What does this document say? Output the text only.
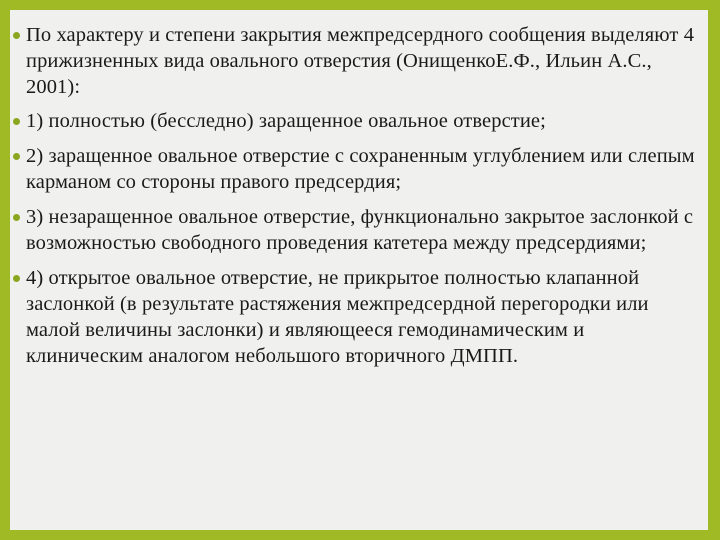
По характеру и степени закрытия межпредсердного сообщения выделяют 4 прижизненных вида овального отверстия (ОнищенкоЕ.Ф., Ильин А.С., 2001):
1) полностью (бесследно) заращенное овальное отверстие;
2) заращенное овальное отверстие с сохраненным углублением или слепым карманом со стороны правого предсердия;
3) незаращенное овальное отверстие, функционально закрытое заслонкой с возможностью свободного проведения катетера между предсердиями;
4) открытое овальное отверстие, не прикрытое полностью клапанной заслонкой (в результате растяжения межпредсердной перегородки или малой величины заслонки) и являющееся гемодинамическим и клиническим аналогом небольшого вторичного ДМПП.
